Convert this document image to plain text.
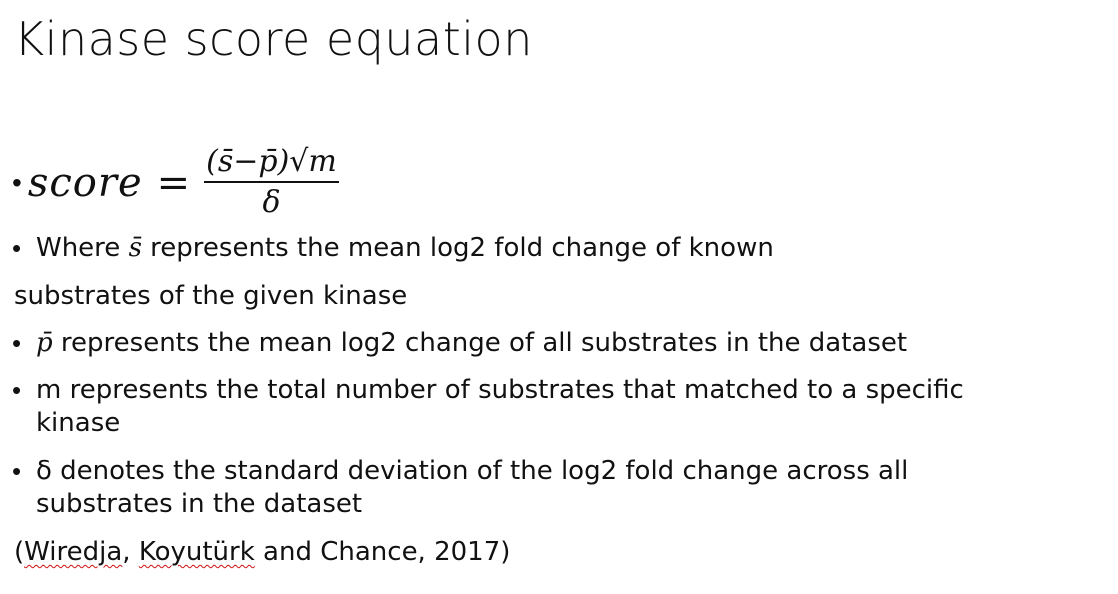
Kinase score equation
• score = $\frac{(s̄-p̄)√m}{\delta}$
• Where s̄ represents the mean log2 fold change of known
substrates of the given kinase
• p̄ represents the mean log2 change of all substrates in the dataset
• m represents the total number of substrates that matched to a specific
kinase
• δ denotes the standard deviation of the log2 fold change across all
substrates in the dataset
(Wiredja, Koyutürk and Chance, 2017)
